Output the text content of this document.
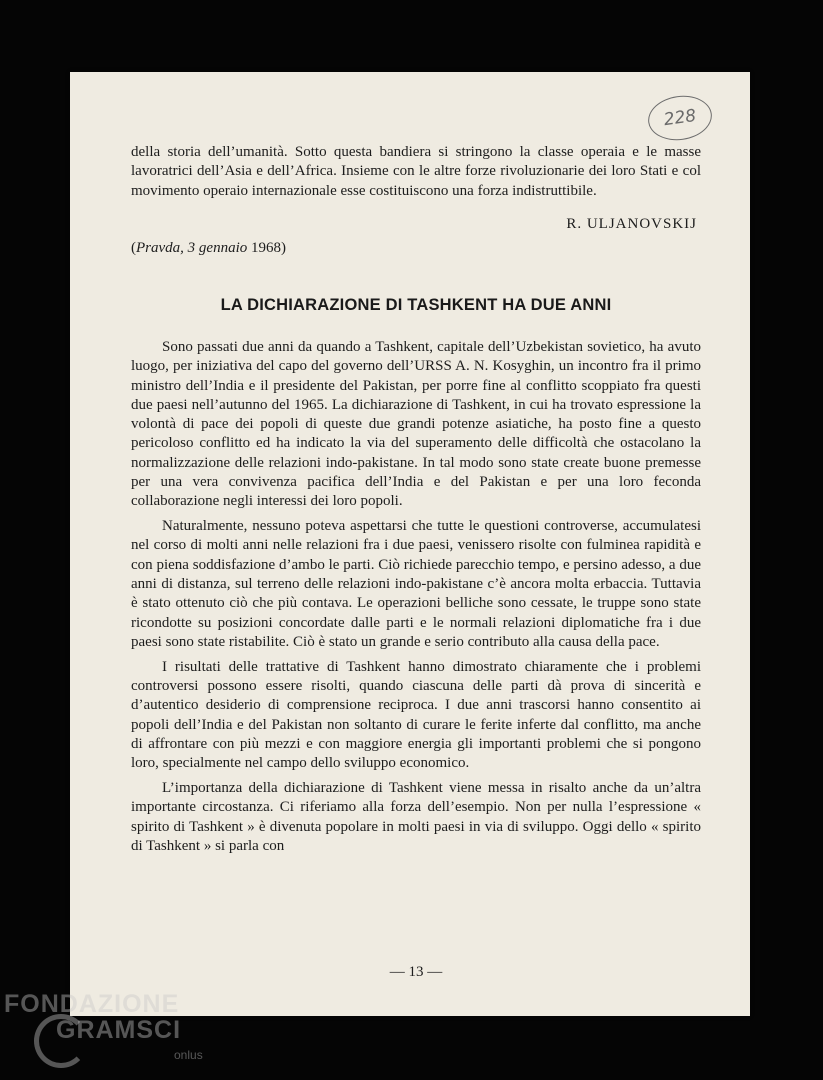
228

della storia dell’umanità. Sotto questa bandiera si stringono la classe operaia e le masse lavoratrici dell’Asia e dell’Africa. Insieme con le altre forze rivoluzionarie dei loro Stati e col movimento operaio internazionale esse costituiscono una forza indistruttibile.

R. ULJANOVSKIJ
(Pravda, 3 gennaio 1968)
LA DICHIARAZIONE DI TASHKENT HA DUE ANNI

Sono passati due anni da quando a Tashkent, capitale dell’Uzbekistan sovietico, ha avuto luogo, per iniziativa del capo del governo dell’URSS A. N. Kosyghin, un incontro fra il primo ministro dell’India e il presidente del Pakistan, per porre fine al conflitto scoppiato fra questi due paesi nell’autunno del 1965. La dichiarazione di Tashkent, in cui ha trovato espressione la volontà di pace dei popoli di queste due grandi potenze asiatiche, ha posto fine a questo pericoloso conflitto ed ha indicato la via del superamento delle difficoltà che ostacolano la normalizzazione delle relazioni indo-pakistane. In tal modo sono state create buone premesse per una vera convivenza pacifica dell’India e del Pakistan e per una loro feconda collaborazione negli interessi dei loro popoli.

Naturalmente, nessuno poteva aspettarsi che tutte le questioni controverse, accumulatesi nel corso di molti anni nelle relazioni fra i due paesi, venissero risolte con fulminea rapidità e con piena soddisfazione d’ambo le parti. Ciò richiede parecchio tempo, e persino adesso, a due anni di distanza, sul terreno delle relazioni indo-pakistane c’è ancora molta erbaccia. Tuttavia è stato ottenuto ciò che più contava. Le operazioni belliche sono cessate, le truppe sono state ricondotte su posizioni concordate dalle parti e le normali relazioni diplomatiche fra i due paesi sono state ristabilite. Ciò è stato un grande e serio contributo alla causa della pace.

I risultati delle trattative di Tashkent hanno dimostrato chiaramente che i problemi controversi possono essere risolti, quando ciascuna delle parti dà prova di sincerità e d’autentico desiderio di comprensione reciproca. I due anni trascorsi hanno consentito ai popoli dell’India e del Pakistan non soltanto di curare le ferite inferte dal conflitto, ma anche di affrontare con più mezzi e con maggiore energia gli importanti problemi che si pongono loro, specialmente nel campo dello sviluppo economico.

L’importanza della dichiarazione di Tashkent viene messa in risalto anche da un’altra importante circostanza. Ci riferiamo alla forza dell’esempio. Non per nulla l’espressione « spirito di Tashkent » è divenuta popolare in molti paesi in via di sviluppo. Oggi dello « spirito di Tashkent » si parla con

— 13 —
FONDAZIONE
GRAMSCI
onlus
